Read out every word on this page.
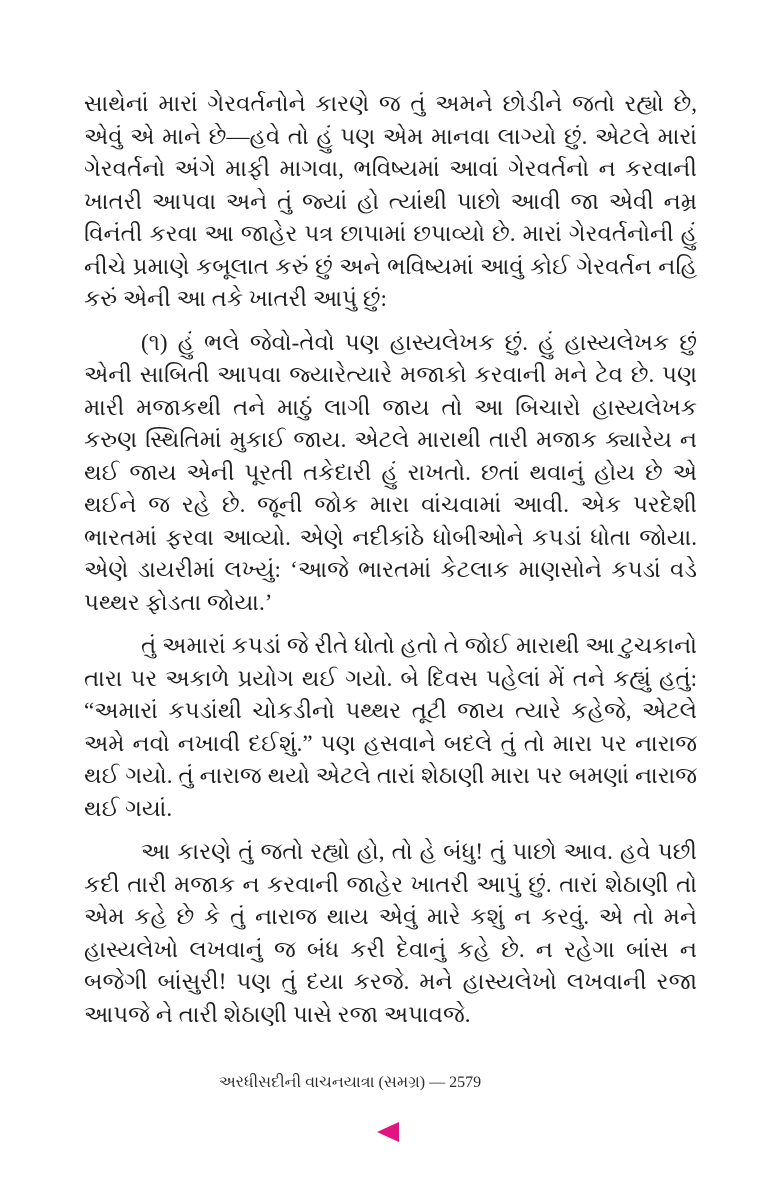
સાથેનાં મારાં ગેરવર્તનોને કારણે જ તું અમને છોડીને જતો રહ્યો છે, એવું એ માને છે—હવે તો હું પણ એમ માનવા લાગ્યો છું. એટલે મારાં ગેરવર્તનો અંગે માફી માગવા, ભવિષ્યમાં આવાં ગેરવર્તનો ન કરવાની ખાતરી આપવા અને તું જ્યાં હો ત્યાંથી પાછો આવી જા એવી નમ્ર વિનંતી કરવા આ જાહેર પત્ર છાપામાં છપાવ્યો છે. મારાં ગેરવર્તનોની હું નીચે પ્રમાણે કબૂલાત કરું છું અને ભવિષ્યમાં આવું કોઈ ગેરવર્તન નહિ કરું એની આ તકે ખાતરી આપું છું:

(૧) હું ભલે જેવો-તેવો પણ હાસ્યલેખક છું. હું હાસ્યલેખક છું એની સાબિતી આપવા જ્યારેત્યારે મજાકો કરવાની મને ટેવ છે. પણ મારી મજાકથી તને માઠું લાગી જાય તો આ બિચારો હાસ્યલેખક કરુણ સ્થિતિમાં મુકાઈ જાય. એટલે મારાથી તારી મજાક ક્યારેય ન થઈ જાય એની પૂરતી તકેદારી હું રાખતો. છતાં થવાનું હોય છે એ થઈને જ રહે છે. જૂની જોક મારા વાંચવામાં આવી. એક પરદેશી ભારતમાં ફરવા આવ્યો. એણે નદીકાંઠે ધોબીઓને કપડાં ધોતા જોયા. એણે ડાયરીમાં લખ્યું: ‘આજે ભારતમાં કેટલાક માણસોને કપડાં વડે પથ્થર ફોડતા જોયા.’

તું અમારાં કપડાં જે રીતે ધોતો હતો તે જોઈ મારાથી આ ટુચકાનો તારા પર અકાળે પ્રયોગ થઈ ગયો. બે દિવસ પહેલાં મેં તને કહ્યું હતું: “અમારાં કપડાંથી ચોકડીનો પથ્થર તૂટી જાય ત્યારે કહેજે, એટલે અમે નવો નખાવી દઈશું.” પણ હસવાને બદલે તું તો મારા પર નારાજ થઈ ગયો. તું નારાજ થયો એટલે તારાં શેઠાણી મારા પર બમણાં નારાજ થઈ ગયાં.

આ કારણે તું જતો રહ્યો હો, તો હે બંધુ! તું પાછો આવ. હવે પછી કદી તારી મજાક ન કરવાની જાહેર ખાતરી આપું છું. તારાં શેઠાણી તો એમ કહે છે કે તું નારાજ થાય એવું મારે કશું ન કરવું. એ તો મને હાસ્યલેખો લખવાનું જ બંધ કરી દેવાનું કહે છે. ન રહેગા બાંસ ન બજેગી બાંસુરી! પણ તું દયા કરજે. મને હાસ્યલેખો લખવાની રજા આપજે ને તારી શેઠાણી પાસે રજા અપાવજે.

અરધીસદીની વાચનયાત્રા (સમગ્ર) — 2579
